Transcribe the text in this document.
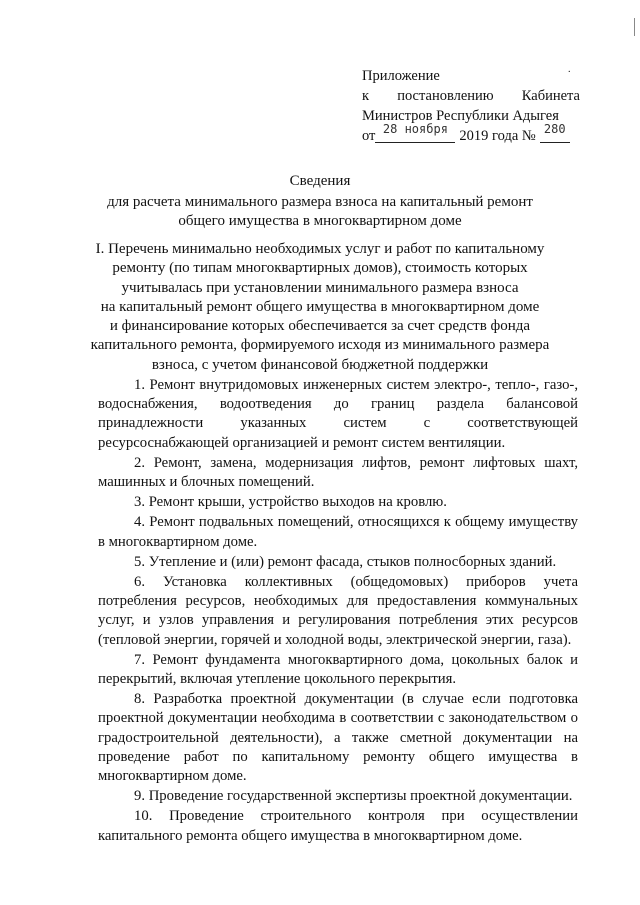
.
Приложение
к постановлению Кабинета
Министров Республики Адыгея
от 28 ноября 2019 года № 280
Сведения
для расчета минимального размера взноса на капитальный ремонт
общего имущества в многоквартирном доме
I. Перечень минимально необходимых услуг и работ по капитальному
ремонту (по типам многоквартирных домов), стоимость которых
учитывалась при установлении минимального размера взноса
на капитальный ремонт общего имущества в многоквартирном доме
и финансирование которых обеспечивается за счет средств фонда
капитального ремонта, формируемого исходя из минимального размера
взноса, с учетом финансовой бюджетной поддержки

1. Ремонт внутридомовых инженерных систем электро-, тепло-, газо-, водоснабжения, водоотведения до границ раздела балансовой принадлежности указанных систем с соответствующей ресурсоснабжающей организацией и ремонт систем вентиляции.

2. Ремонт, замена, модернизация лифтов, ремонт лифтовых шахт, машинных и блочных помещений.

3. Ремонт крыши, устройство выходов на кровлю.

4. Ремонт подвальных помещений, относящихся к общему имуществу в многоквартирном доме.

5. Утепление и (или) ремонт фасада, стыков полносборных зданий.

6. Установка коллективных (общедомовых) приборов учета потребления ресурсов, необходимых для предоставления коммунальных услуг, и узлов управления и регулирования потребления этих ресурсов (тепловой энергии, горячей и холодной воды, электрической энергии, газа).

7. Ремонт фундамента многоквартирного дома, цокольных балок и перекрытий, включая утепление цокольного перекрытия.

8. Разработка проектной документации (в случае если подготовка проектной документации необходима в соответствии с законодательством о градостроительной деятельности), а также сметной документации на проведение работ по капитальному ремонту общего имущества в многоквартирном доме.

9. Проведение государственной экспертизы проектной документации.

10. Проведение строительного контроля при осуществлении капитального ремонта общего имущества в многоквартирном доме.
